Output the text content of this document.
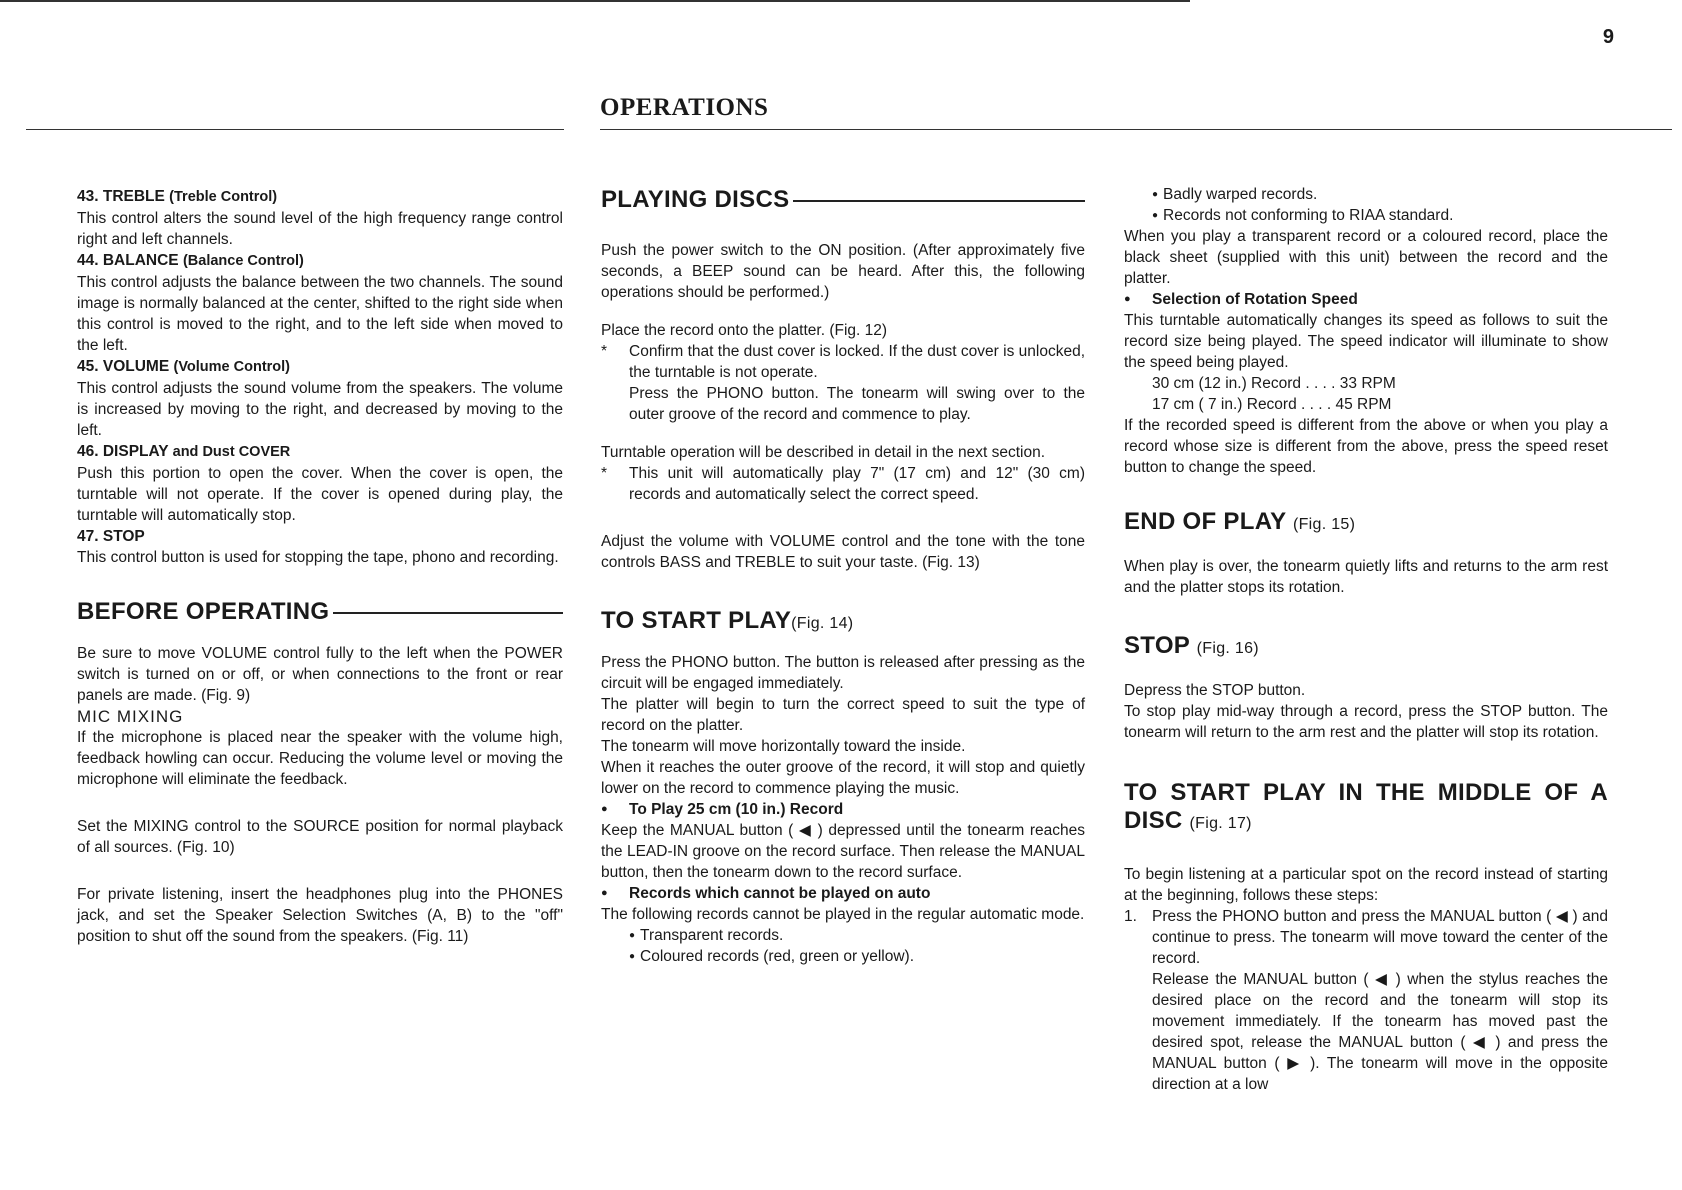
9
OPERATIONS

43. TREBLE (Treble Control)

This control alters the sound level of the high frequency range control right and left channels.

44. BALANCE (Balance Control)

This control adjusts the balance between the two channels. The sound image is normally balanced at the center, shifted to the right side when this control is moved to the right, and to the left side when moved to the left.

45. VOLUME (Volume Control)

This control adjusts the sound volume from the speakers. The volume is increased by moving to the right, and decreased by moving to the left.

46. DISPLAY and Dust COVER

Push this portion to open the cover. When the cover is open, the turntable will not operate. If the cover is opened during play, the turntable will automatically stop.

47. STOP

This control button is used for stopping the tape, phono and recording.

BEFORE OPERATING

Be sure to move VOLUME control fully to the left when the POWER switch is turned on or off, or when connections to the front or rear panels are made. (Fig. 9)

MIC MIXING

If the microphone is placed near the speaker with the volume high, feedback howling can occur. Reducing the volume level or moving the microphone will eliminate the feedback.

Set the MIXING control to the SOURCE position for normal playback of all sources. (Fig. 10)

For private listening, insert the headphones plug into the PHONES jack, and set the Speaker Selection Switches (A, B) to the "off" position to shut off the sound from the speakers. (Fig. 11)

PLAYING DISCS

Push the power switch to the ON position. (After approximately five seconds, a BEEP sound can be heard. After this, the following operations should be performed.)

Place the record onto the platter. (Fig. 12)

*	Confirm that the dust cover is locked. If the dust cover is unlocked, the turntable is not operate.

Press the PHONO button. The tonearm will swing over to the outer groove of the record and commence to play.

Turntable operation will be described in detail in the next section.

*	This unit will automatically play 7" (17 cm) and 12" (30 cm) records and automatically select the correct speed.

Adjust the volume with VOLUME control and the tone with the tone controls BASS and TREBLE to suit your taste. (Fig. 13)

TO START PLAY(Fig. 14)

Press the PHONO button. The button is released after pressing as the circuit will be engaged immediately.

The platter will begin to turn the correct speed to suit the type of record on the platter.

The tonearm will move horizontally toward the inside.

When it reaches the outer groove of the record, it will stop and quietly lower on the record to commence playing the music.

● To Play 25 cm (10 in.) Record

Keep the MANUAL button ( ◀ ) depressed until the tonearm reaches the LEAD-IN groove on the record surface. Then release the MANUAL button, then the tonearm down to the record surface.

● Records which cannot be played on auto

The following records cannot be played in the regular automatic mode.

● Transparent records.

● Coloured records (red, green or yellow).

● Badly warped records.

● Records not conforming to RIAA standard.

When you play a transparent record or a coloured record, place the black sheet (supplied with this unit) between the record and the platter.

● Selection of Rotation Speed

This turntable automatically changes its speed as follows to suit the record size being played. The speed indicator will illuminate to show the speed being played.

30 cm (12 in.) Record . . . . 33 RPM

17 cm ( 7 in.) Record . . . . 45 RPM

If the recorded speed is different from the above or when you play a record whose size is different from the above, press the speed reset button to change the speed.

END OF PLAY (Fig. 15)

When play is over, the tonearm quietly lifts and returns to the arm rest and the platter stops its rotation.

STOP (Fig. 16)

Depress the STOP button.

To stop play mid-way through a record, press the STOP button. The tonearm will return to the arm rest and the platter will stop its rotation.

TO START PLAY IN THE MIDDLE OF A DISC (Fig. 17)

To begin listening at a particular spot on the record instead of starting at the beginning, follows these steps:

1. Press the PHONO button and press the MANUAL button ( ◀ ) and continue to press. The tonearm will move toward the center of the record.

Release the MANUAL button ( ◀ ) when the stylus reaches the desired place on the record and the tonearm will stop its movement immediately. If the tonearm has moved past the desired spot, release the MANUAL button ( ◀ ) and press the MANUAL button ( ▶ ). The tonearm will move in the opposite direction at a low
